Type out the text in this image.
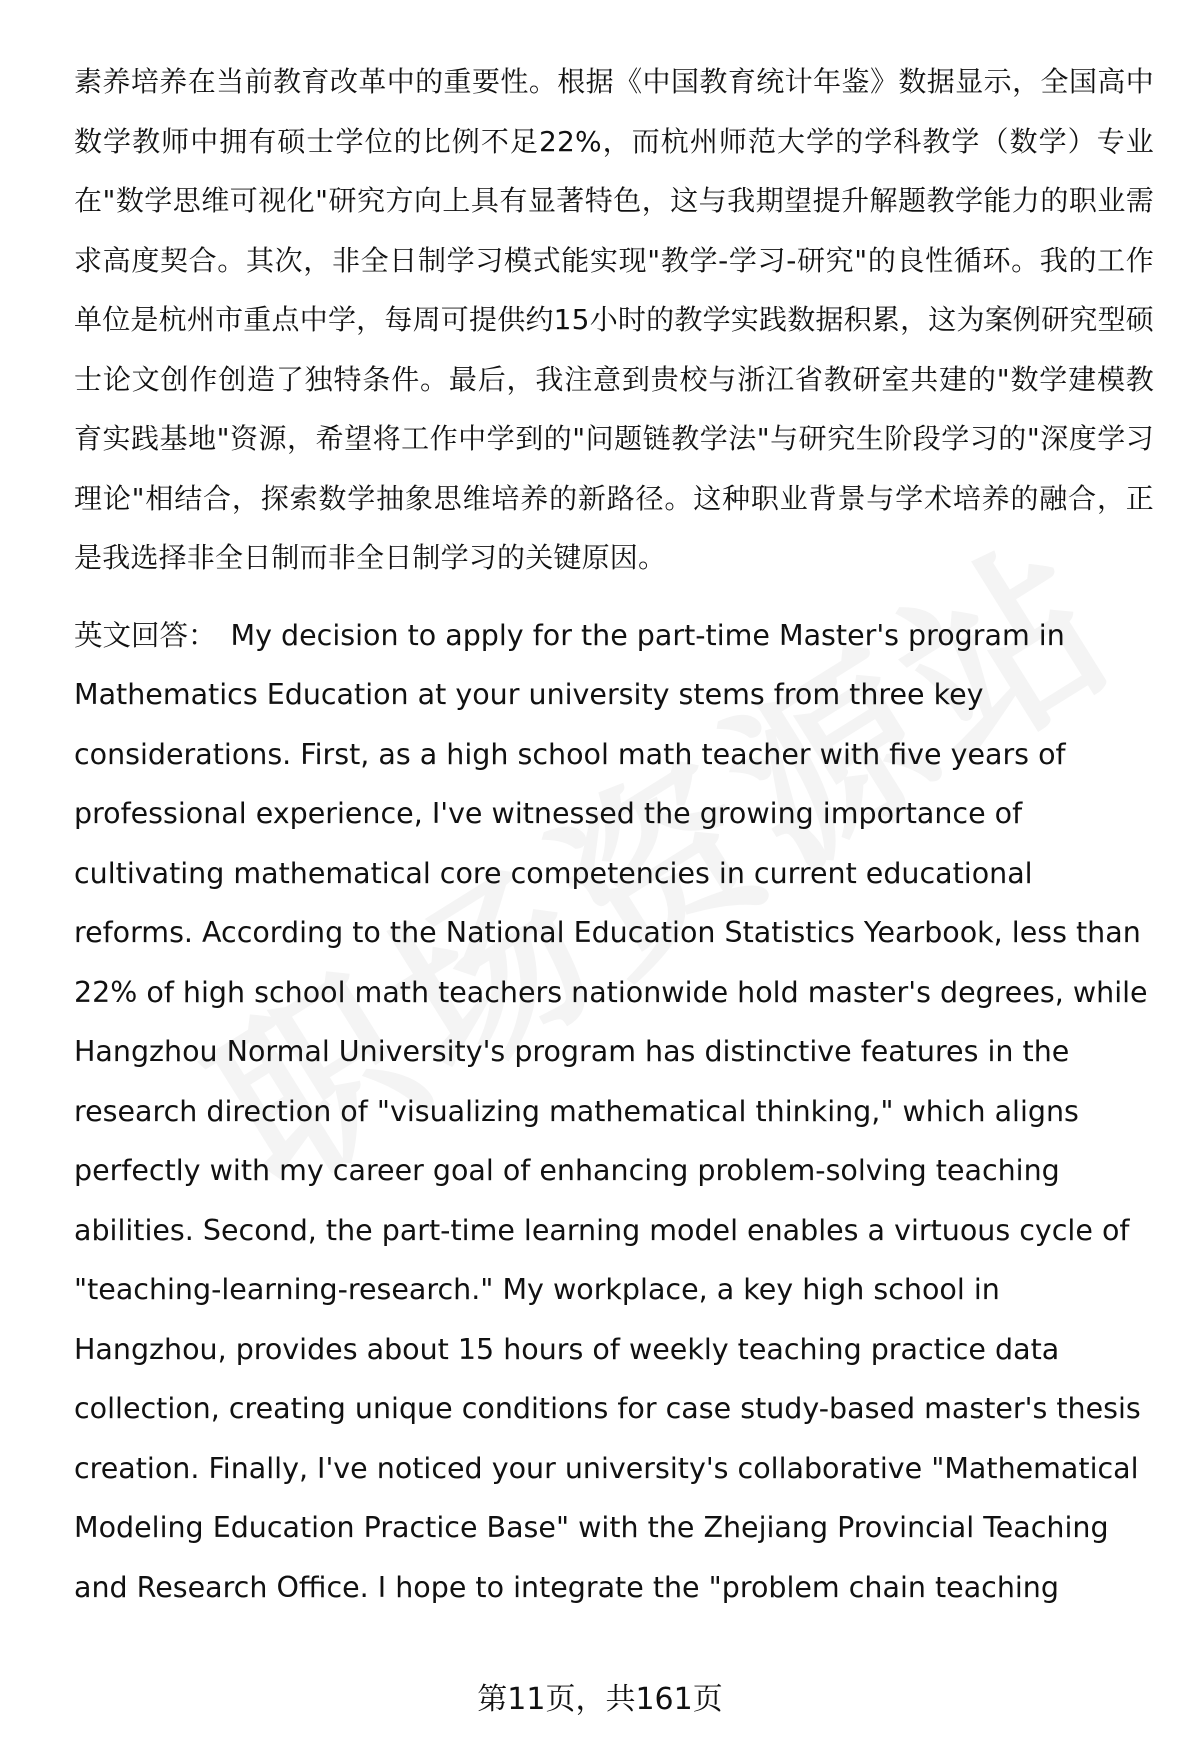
素养培养在当前教育改革中的重要性。根据《中国教育统计年鉴》数据显示，全国高中数学教师中拥有硕士学位的比例不足22%，而杭州师范大学的学科教学（数学）专业在"数学思维可视化"研究方向上具有显著特色，这与我期望提升解题教学能力的职业需求高度契合。其次，非全日制学习模式能实现"教学-学习-研究"的良性循环。我的工作单位是杭州市重点中学，每周可提供约15小时的教学实践数据积累，这为案例研究型硕士论文创作创造了独特条件。最后，我注意到贵校与浙江省教研室共建的"数学建模教育实践基地"资源，希望将工作中学到的"问题链教学法"与研究生阶段学习的"深度学习理论"相结合，探索数学抽象思维培养的新路径。这种职业背景与学术培养的融合，正是我选择非全日制而非全日制学习的关键原因。

英文回答： My decision to apply for the part-time Master's program in Mathematics Education at your university stems from three key considerations. First, as a high school math teacher with five years of professional experience, I've witnessed the growing importance of cultivating mathematical core competencies in current educational reforms. According to the National Education Statistics Yearbook, less than 22% of high school math teachers nationwide hold master's degrees, while Hangzhou Normal University's program has distinctive features in the research direction of "visualizing mathematical thinking," which aligns perfectly with my career goal of enhancing problem-solving teaching abilities. Second, the part-time learning model enables a virtuous cycle of "teaching-learning-research." My workplace, a key high school in Hangzhou, provides about 15 hours of weekly teaching practice data collection, creating unique conditions for case study-based master's thesis creation. Finally, I've noticed your university's collaborative "Mathematical Modeling Education Practice Base" with the Zhejiang Provincial Teaching and Research Office. I hope to integrate the "problem chain teaching

第11页，共161页
